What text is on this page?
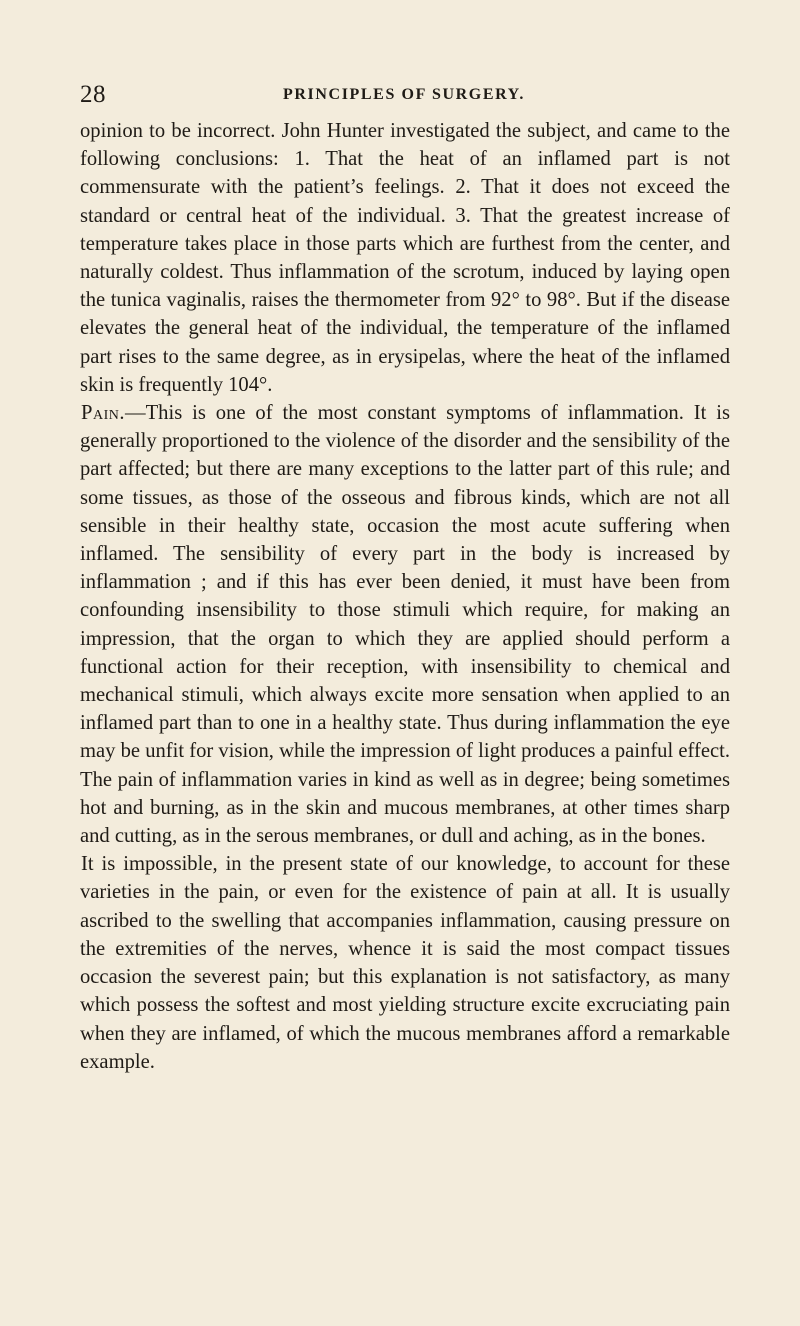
28	PRINCIPLES OF SURGERY.

opinion to be incorrect. John Hunter investigated the subject, and came to the following conclusions: 1. That the heat of an inflamed part is not commensurate with the patient’s feelings. 2. That it does not exceed the standard or central heat of the individual. 3. That the greatest increase of temperature takes place in those parts which are furthest from the center, and naturally coldest. Thus inflammation of the scrotum, induced by laying open the tunica vaginalis, raises the thermometer from 92° to 98°. But if the disease elevates the general heat of the individual, the temperature of the inflamed part rises to the same degree, as in erysipelas, where the heat of the inflamed skin is frequently 104°.

Pain.—This is one of the most constant symptoms of inflammation. It is generally proportioned to the violence of the disorder and the sensibility of the part affected; but there are many exceptions to the latter part of this rule; and some tissues, as those of the osseous and fibrous kinds, which are not all sensible in their healthy state, occasion the most acute suffering when inflamed. The sensibility of every part in the body is increased by inflammation ; and if this has ever been denied, it must have been from confounding insensibility to those stimuli which require, for making an impression, that the organ to which they are applied should perform a functional action for their reception, with insensibility to chemical and mechanical stimuli, which always excite more sensation when applied to an inflamed part than to one in a healthy state. Thus during inflammation the eye may be unfit for vision, while the impression of light produces a painful effect. The pain of inflammation varies in kind as well as in degree; being sometimes hot and burning, as in the skin and mucous membranes, at other times sharp and cutting, as in the serous membranes, or dull and aching, as in the bones.

It is impossible, in the present state of our knowledge, to account for these varieties in the pain, or even for the existence of pain at all. It is usually ascribed to the swelling that accompanies inflammation, causing pressure on the extremities of the nerves, whence it is said the most compact tissues occasion the severest pain; but this explanation is not satisfactory, as many which possess the softest and most yielding structure excite excruciating pain when they are inflamed, of which the mucous membranes afford a remarkable example.
